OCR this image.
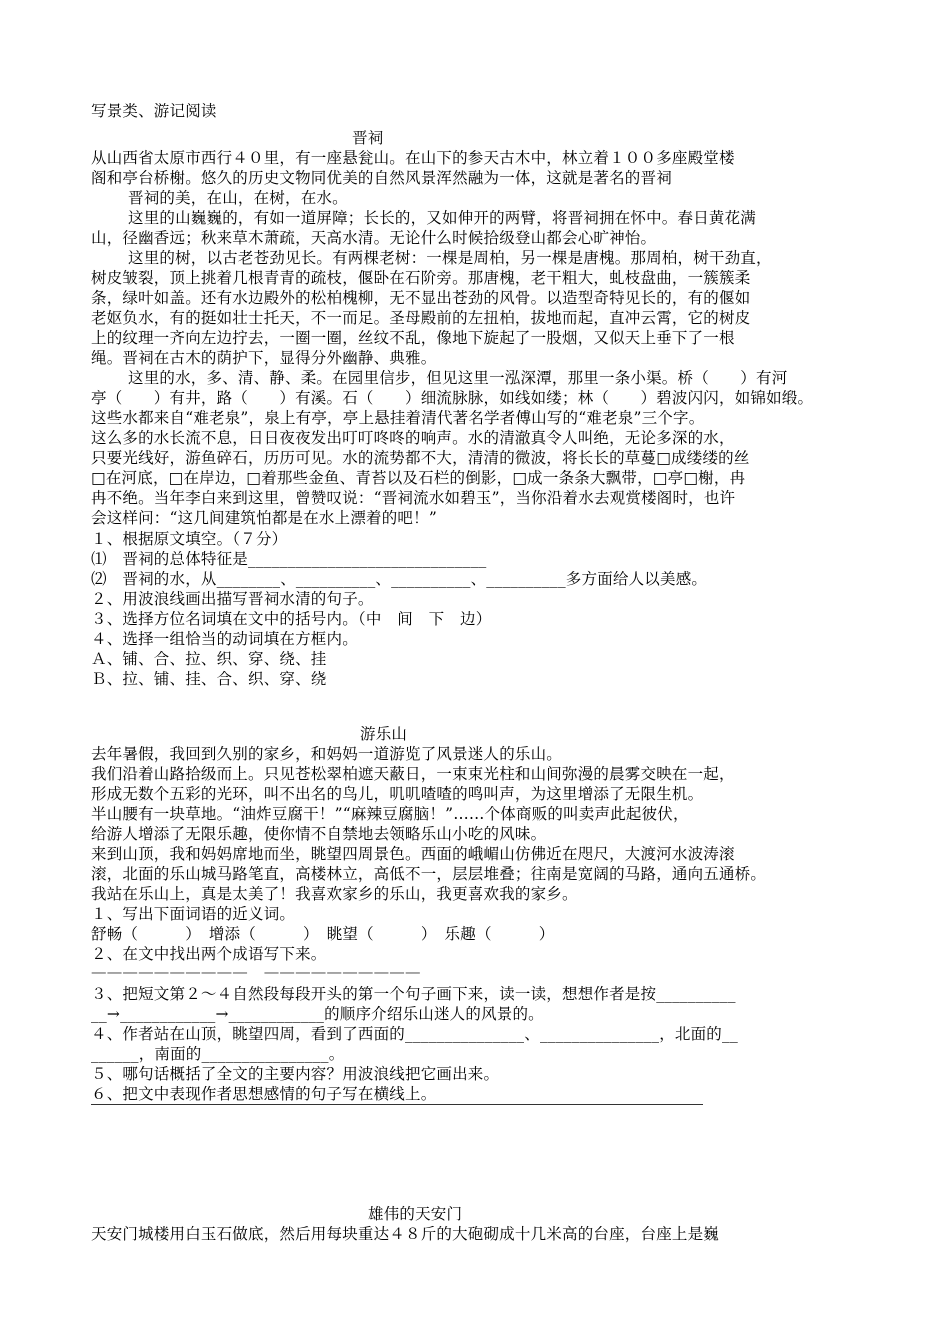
写景类、游记阅读
晋祠
从山西省太原市西行４０里，有一座悬瓮山。在山下的参天古木中，林立着１００多座殿堂楼
阁和亭台桥榭。悠久的历史文物同优美的自然风景浑然融为一体，这就是著名的晋祠
晋祠的美，在山，在树，在水。
这里的山巍巍的，有如一道屏障；长长的，又如伸开的两臂，将晋祠拥在怀中。春日黄花满
山，径幽香远；秋来草木萧疏，天高水清。无论什么时候拾级登山都会心旷神怡。
这里的树，以古老苍劲见长。有两棵老树：一棵是周柏，另一棵是唐槐。那周柏，树干劲直，
树皮皱裂，顶上挑着几根青青的疏枝，偃卧在石阶旁。那唐槐，老干粗大，虬枝盘曲，一簇簇柔
条，绿叶如盖。还有水边殿外的松柏槐柳，无不显出苍劲的风骨。以造型奇特见长的，有的偃如
老妪负水，有的挺如壮士托天，不一而足。圣母殿前的左扭柏，拔地而起，直冲云霄，它的树皮
上的纹理一齐向左边拧去，一圈一圈，丝纹不乱，像地下旋起了一股烟，又似天上垂下了一根
绳。晋祠在古木的荫护下，显得分外幽静、典雅。
这里的水，多、清、静、柔。在园里信步，但见这里一泓深潭，那里一条小渠。桥（　　）有河
亭（　　）有井，路（　　）有溪。石（　　）细流脉脉，如线如缕；林（　　）碧波闪闪，如锦如缎。
这些水都来自“难老泉”，泉上有亭，亭上悬挂着清代著名学者傅山写的“难老泉”三个字。
这么多的水长流不息，日日夜夜发出叮叮咚咚的响声。水的清澈真令人叫绝，无论多深的水，
只要光线好，游鱼碎石，历历可见。水的流势都不大，清清的微波，将长长的草蔓□成缕缕的丝
□在河底，□在岸边，□着那些金鱼、青苔以及石栏的倒影，□成一条条大飘带，□亭□榭，冉
冉不绝。当年李白来到这里，曾赞叹说：“晋祠流水如碧玉”，当你沿着水去观赏楼阁时，也许
会这样问：“这几间建筑怕都是在水上漂着的吧！”
１、根据原文填空。（７分）
⑴　晋祠的总体特征是______________________________
⑵　晋祠的水，从________、__________、__________、__________多方面给人以美感。
２、用波浪线画出描写晋祠水清的句子。
３、选择方位名词填在文中的括号内。（中　间　下　边）
４、选择一组恰当的动词填在方框内。
Ａ、铺、合、拉、织、穿、绕、挂
Ｂ、拉、铺、挂、合、织、穿、绕
游乐山
去年暑假，我回到久别的家乡，和妈妈一道游览了风景迷人的乐山。
我们沿着山路拾级而上。只见苍松翠柏遮天蔽日，一束束光柱和山间弥漫的晨雾交映在一起，
形成无数个五彩的光环，叫不出名的鸟儿，叽叽喳喳的鸣叫声，为这里增添了无限生机。
半山腰有一块草地。“油炸豆腐干！”“麻辣豆腐脑！”……个体商贩的叫卖声此起彼伏，
给游人增添了无限乐趣，使你情不自禁地去领略乐山小吃的风味。
来到山顶，我和妈妈席地而坐，眺望四周景色。西面的峨嵋山仿佛近在咫尺，大渡河水波涛滚
滚，北面的乐山城马路笔直，高楼林立，高低不一，层层堆叠；往南是宽阔的马路，通向五通桥。
我站在乐山上，真是太美了！我喜欢家乡的乐山，我更喜欢我的家乡。
１、写出下面词语的近义词。
舒畅（　　　）　增添（　　　）　眺望（　　　）　乐趣（　　　）
２、在文中找出两个成语写下来。
——————————　——————————
３、把短文第２～４自然段每段开头的第一个句子画下来，读一读，想想作者是按__________
__→____________→____________的顺序介绍乐山迷人的风景的。
４、作者站在山顶，眺望四周，看到了西面的_______________、_______________，北面的__
______，南面的________________。
５、哪句话概括了全文的主要内容？用波浪线把它画出来。
６、把文中表现作者思想感情的句子写在横线上。
雄伟的天安门
天安门城楼用白玉石做底，然后用每块重达４８斤的大砲砌成十几米高的台座，台座上是巍
